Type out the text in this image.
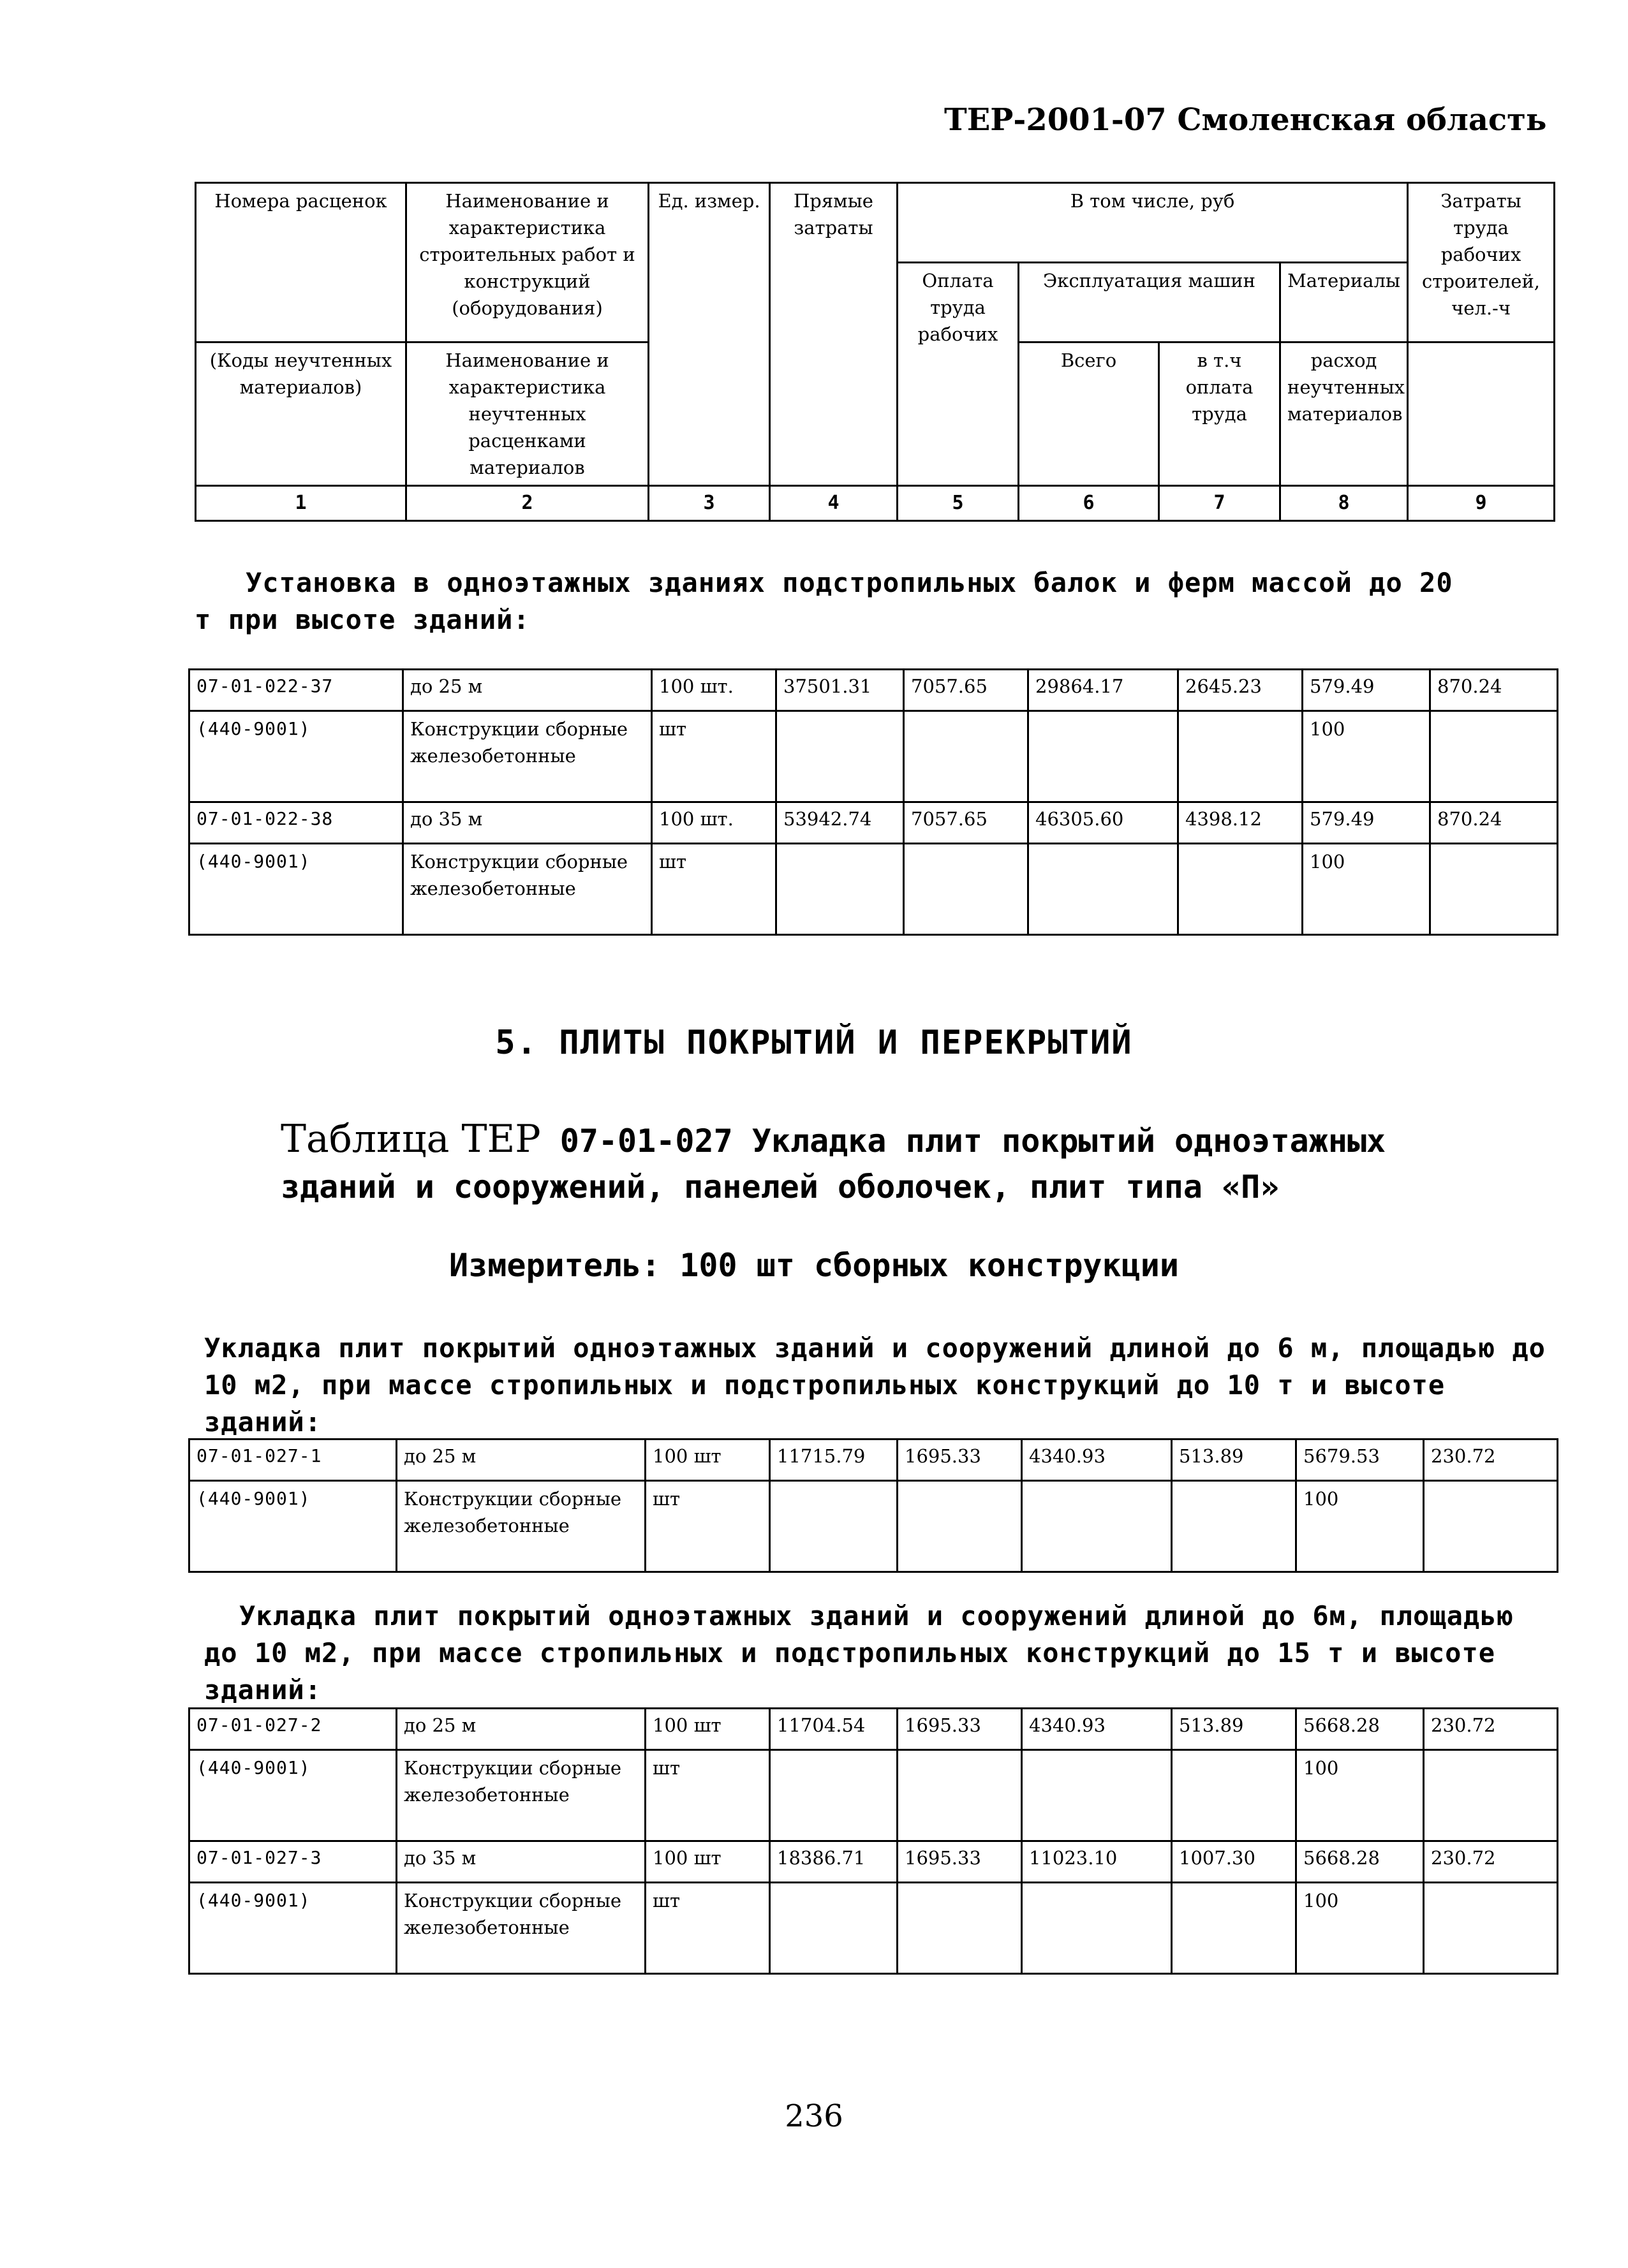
ТЕР-2001-07 Смоленская область
Номера расценок	Наименование и характеристика строительных работ и конструкций (оборудования)	Ед. измер.	Прямые затраты	В том числе, руб				Затраты труда рабочих строителей, чел.-ч
				Оплата труда рабочих	Эксплуатация машин		Материалы	
(Коды неучтенных материалов)	Наименование и характеристика неучтенных расценками материалов				Всего	в т.ч оплата труда	расход неучтенных материалов	

1	2	3	4	5	6	7	8	9
Установка в одноэтажных зданиях подстропильных балок и ферм массой до 20 т при высоте зданий:
07-01-022-37	до 25 м	100 шт.	37501.31	7057.65	29864.17	2645.23	579.49	870.24
(440-9001)	Конструкции сборные железобетонные	шт					100	
07-01-022-38	до 35 м	100 шт.	53942.74	7057.65	46305.60	4398.12	579.49	870.24
(440-9001)	Конструкции сборные железобетонные	шт					100	
5. ПЛИТЫ ПОКРЫТИЙ И ПЕРЕКРЫТИЙ
Таблица ТЕР 07-01-027 Укладка плит покрытий одноэтажных
зданий и сооружений, панелей оболочек, плит типа «П»
Измеритель: 100 шт сборных конструкции
Укладка плит покрытий одноэтажных зданий и сооружений длиной до 6 м, площадью до 10 м2, при массе стропильных и подстропильных конструкций до 10 т и высоте зданий:
07-01-027-1	до 25 м	100 шт	11715.79	1695.33	4340.93	513.89	5679.53	230.72
(440-9001)	Конструкции сборные железобетонные	шт					100	
Укладка плит покрытий одноэтажных зданий и сооружений длиной до 6м, площадью до 10 м2, при массе стропильных и подстропильных конструкций до 15 т и высоте зданий:
07-01-027-2	до 25 м	100 шт	11704.54	1695.33	4340.93	513.89	5668.28	230.72
(440-9001)	Конструкции сборные железобетонные	шт					100	
07-01-027-3	до 35 м	100 шт	18386.71	1695.33	11023.10	1007.30	5668.28	230.72
(440-9001)	Конструкции сборные железобетонные	шт					100	
236
